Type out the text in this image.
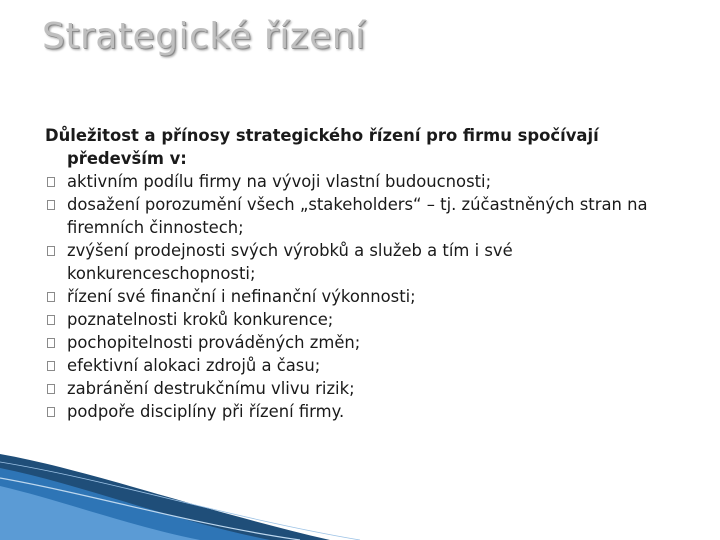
Strategické řízení
Důležitost a přínosy strategického řízení pro firmu spočívají především v:
aktivním podílu firmy na vývoji vlastní budoucnosti;
dosažení porozumění všech „stakeholders“ – tj. zúčastněných stran na firemních činnostech;
zvýšení prodejnosti svých výrobků a služeb a tím i své konkurenceschopnosti;
řízení své finanční i nefinanční výkonnosti;
poznatelnosti kroků konkurence;
pochopitelnosti prováděných změn;
efektivní alokaci zdrojů a času;
zabránění destrukčnímu vlivu rizik;
podpoře disciplíny při řízení firmy.
